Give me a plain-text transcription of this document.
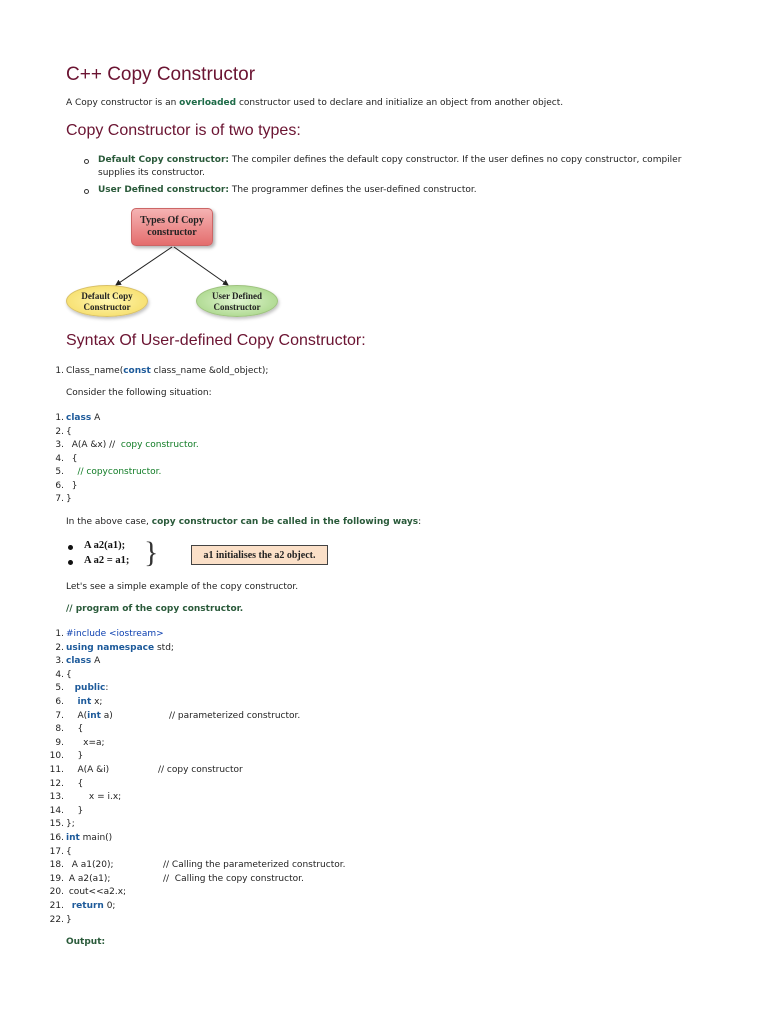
C++ Copy Constructor
A Copy constructor is an overloaded constructor used to declare and initialize an object from another object.
Copy Constructor is of two types:
Default Copy constructor: The compiler defines the default copy constructor. If the user defines no copy constructor, compiler
supplies its constructor.
User Defined constructor: The programmer defines the user-defined constructor.
Types Of Copy
constructor
Default Copy
Constructor
User Defined
Constructor
Syntax Of User-defined Copy Constructor:
1. Class_name(const class_name &old_object);
Consider the following situation:
1. class A
2. {
3. A(A &x) //  copy constructor.
4. {
5.	// copyconstructor.
6. }
7. }
In the above case, copy constructor can be called in the following ways:
A a2(a1);
A a2 = a1; }	a1 initialises the a2 object.
Let's see a simple example of the copy constructor.
// program of the copy constructor.
1. #include <iostream>
2. using namespace std;
3. class A
4. {
5.	public:
6.	int x;
7. A(int a)	// parameterized constructor.
8. {
9. x=a;
10. }
11. A(A &i)	// copy constructor
12. {
13. x = i.x;
14. }
15. };
16. int main()
17. {
18. A a1(20);	// Calling the parameterized constructor.
19. A a2(a1);	//  Calling the copy constructor.
20. cout<<a2.x;
21. return 0;
22. }
Output:
